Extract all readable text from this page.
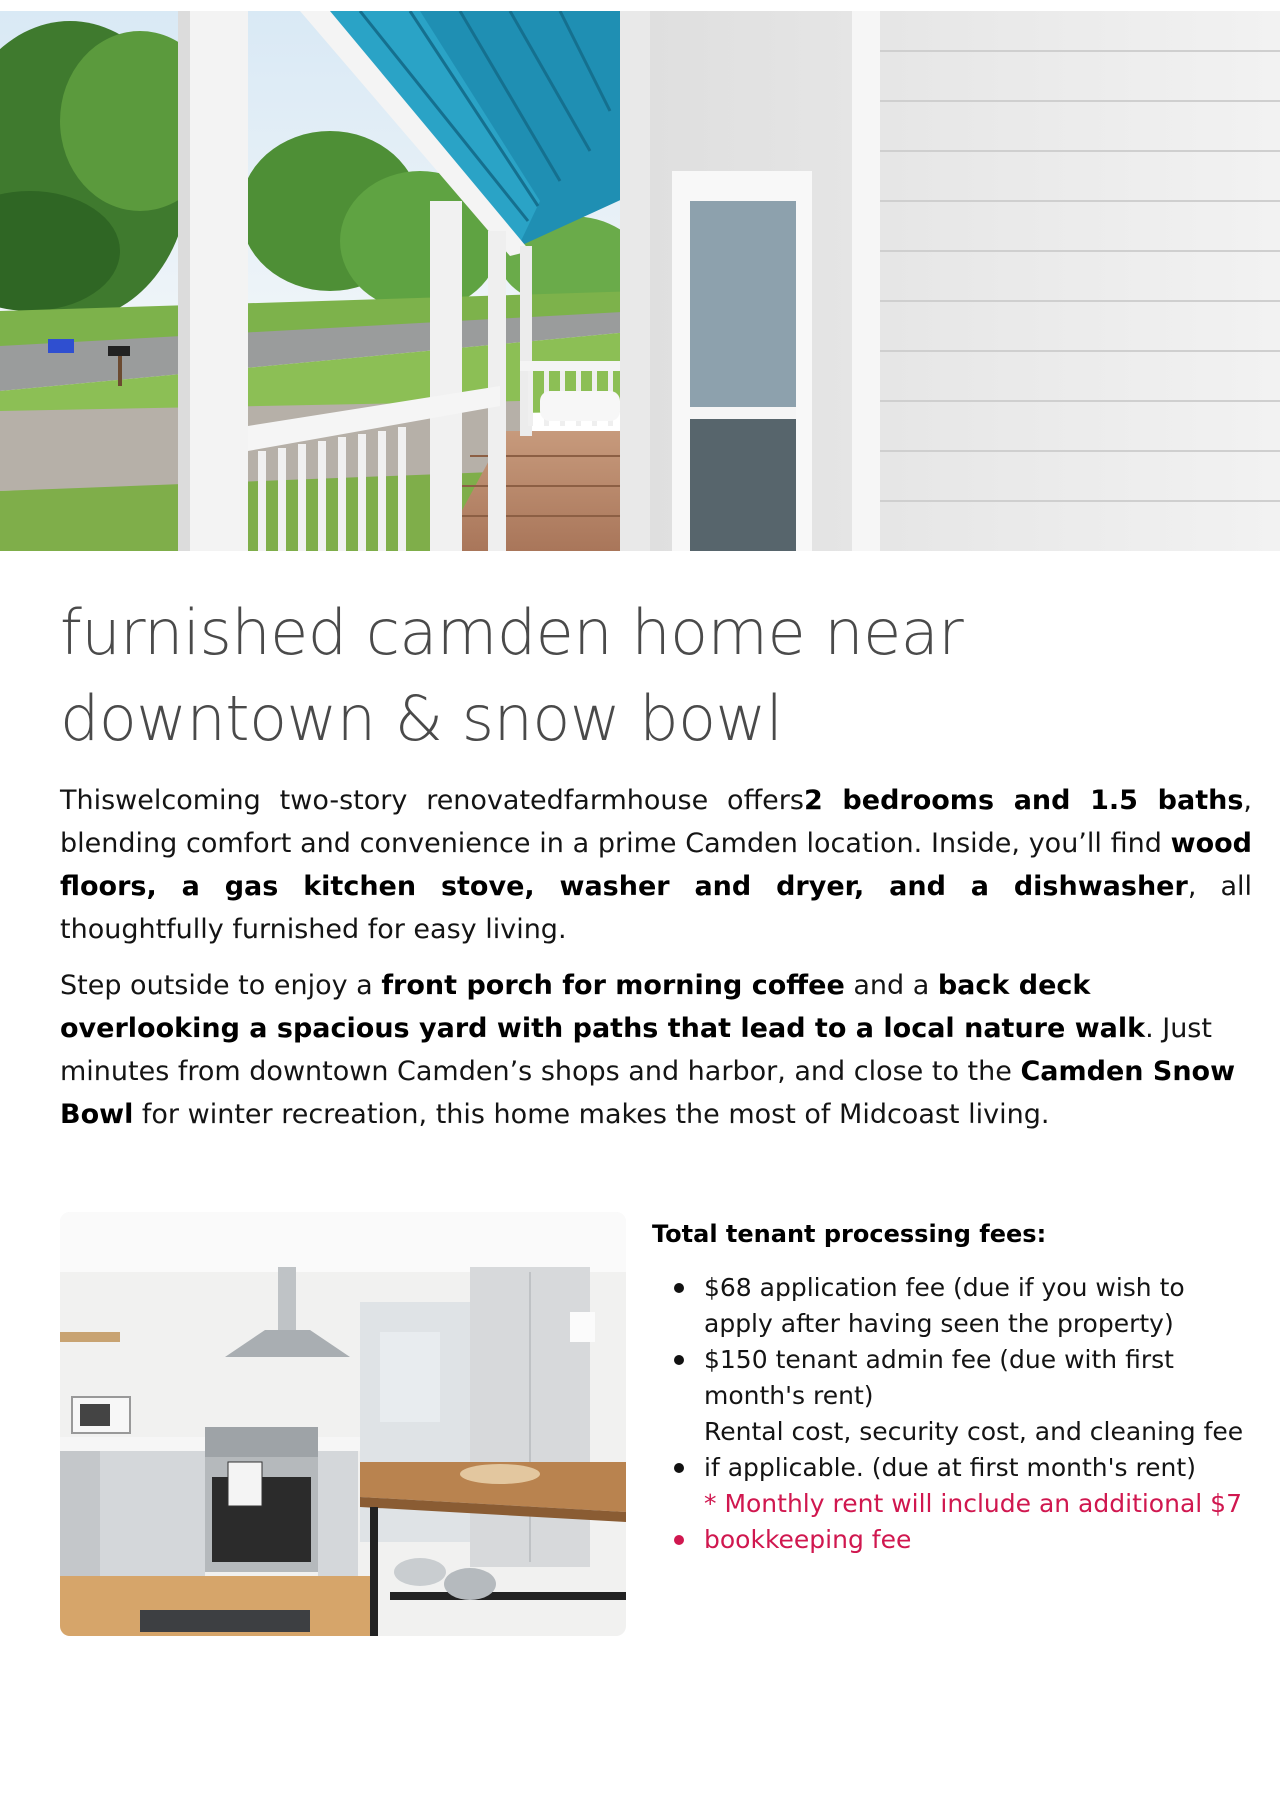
furnished camden home near
downtown & snow bowl

Thiswelcoming two-story renovatedfarmhouse offers2 bedrooms and 1.5 baths, blending comfort and convenience in a prime Camden location. Inside, you’ll find wood floors, a gas kitchen stove, washer and dryer, and a dishwasher, all thoughtfully furnished for easy living.

Step outside to enjoy a front porch for morning coffee and a back deck overlooking a spacious yard with paths that lead to a local nature walk. Just minutes from downtown Camden’s shops and harbor, and close to the Camden Snow Bowl for winter recreation, this home makes the most of Midcoast living.

Total tenant processing fees:
$68 application fee (due if you wish to apply after having seen the property)
$150 tenant admin fee (due with first month's rent)
Rental cost, security cost, and cleaning fee if applicable. (due at first month's rent)
* Monthly rent will include an additional $7 bookkeeping fee
